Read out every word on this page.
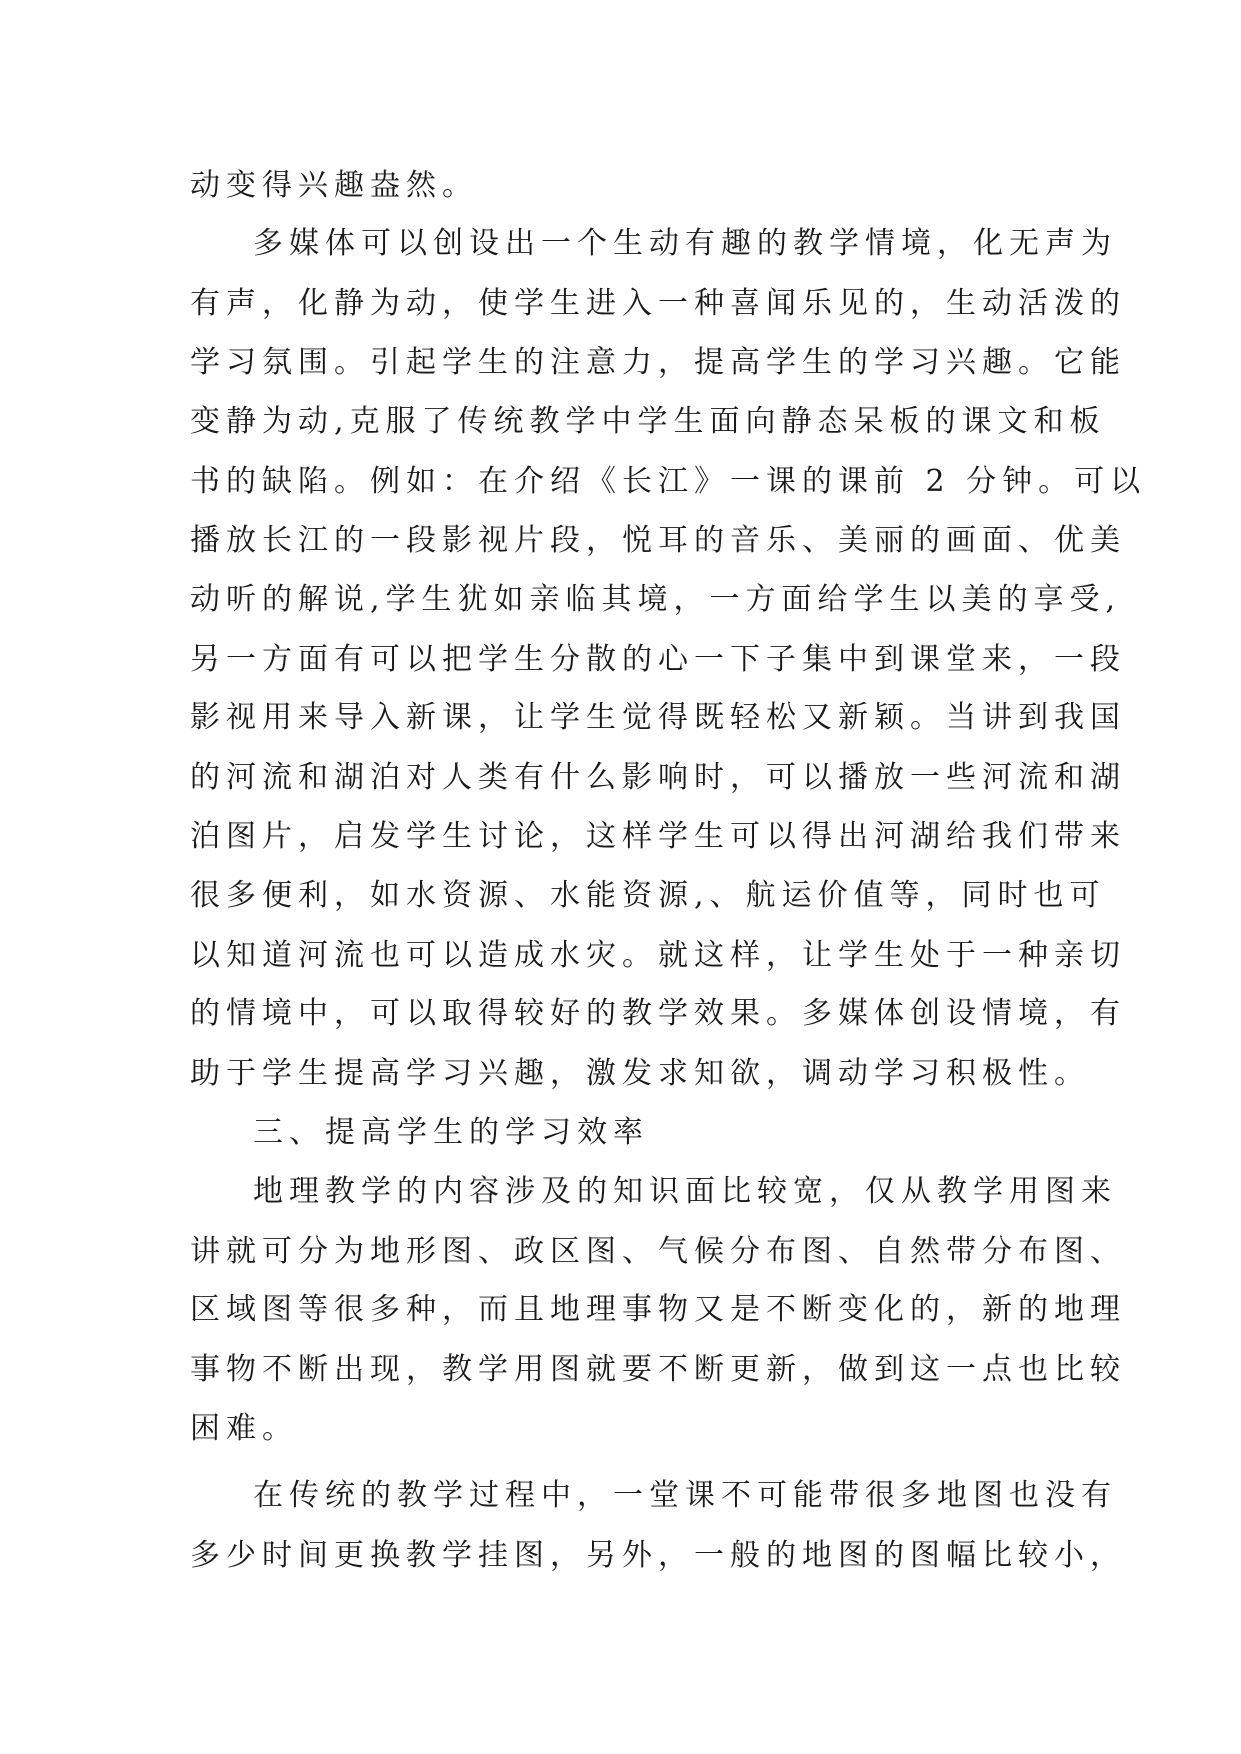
动变得兴趣盎然。
多媒体可以创设出一个生动有趣的教学情境，化无声为
有声，化静为动，使学生进入一种喜闻乐见的，生动活泼的
学习氛围。引起学生的注意力，提高学生的学习兴趣。它能
变静为动,克服了传统教学中学生面向静态呆板的课文和板
书的缺陷。例如：在介绍《长江》一课的课前 2 分钟。可以
播放长江的一段影视片段，悦耳的音乐、美丽的画面、优美
动听的解说,学生犹如亲临其境，一方面给学生以美的享受,
另一方面有可以把学生分散的心一下子集中到课堂来，一段
影视用来导入新课，让学生觉得既轻松又新颖。当讲到我国
的河流和湖泊对人类有什么影响时，可以播放一些河流和湖
泊图片，启发学生讨论，这样学生可以得出河湖给我们带来
很多便利，如水资源、水能资源,、航运价值等，同时也可
以知道河流也可以造成水灾。就这样，让学生处于一种亲切
的情境中，可以取得较好的教学效果。多媒体创设情境，有
助于学生提高学习兴趣，激发求知欲，调动学习积极性。
三、提高学生的学习效率
地理教学的内容涉及的知识面比较宽，仅从教学用图来
讲就可分为地形图、政区图、气候分布图、自然带分布图、
区域图等很多种，而且地理事物又是不断变化的，新的地理
事物不断出现，教学用图就要不断更新，做到这一点也比较
困难。
在传统的教学过程中，一堂课不可能带很多地图也没有
多少时间更换教学挂图，另外，一般的地图的图幅比较小，
